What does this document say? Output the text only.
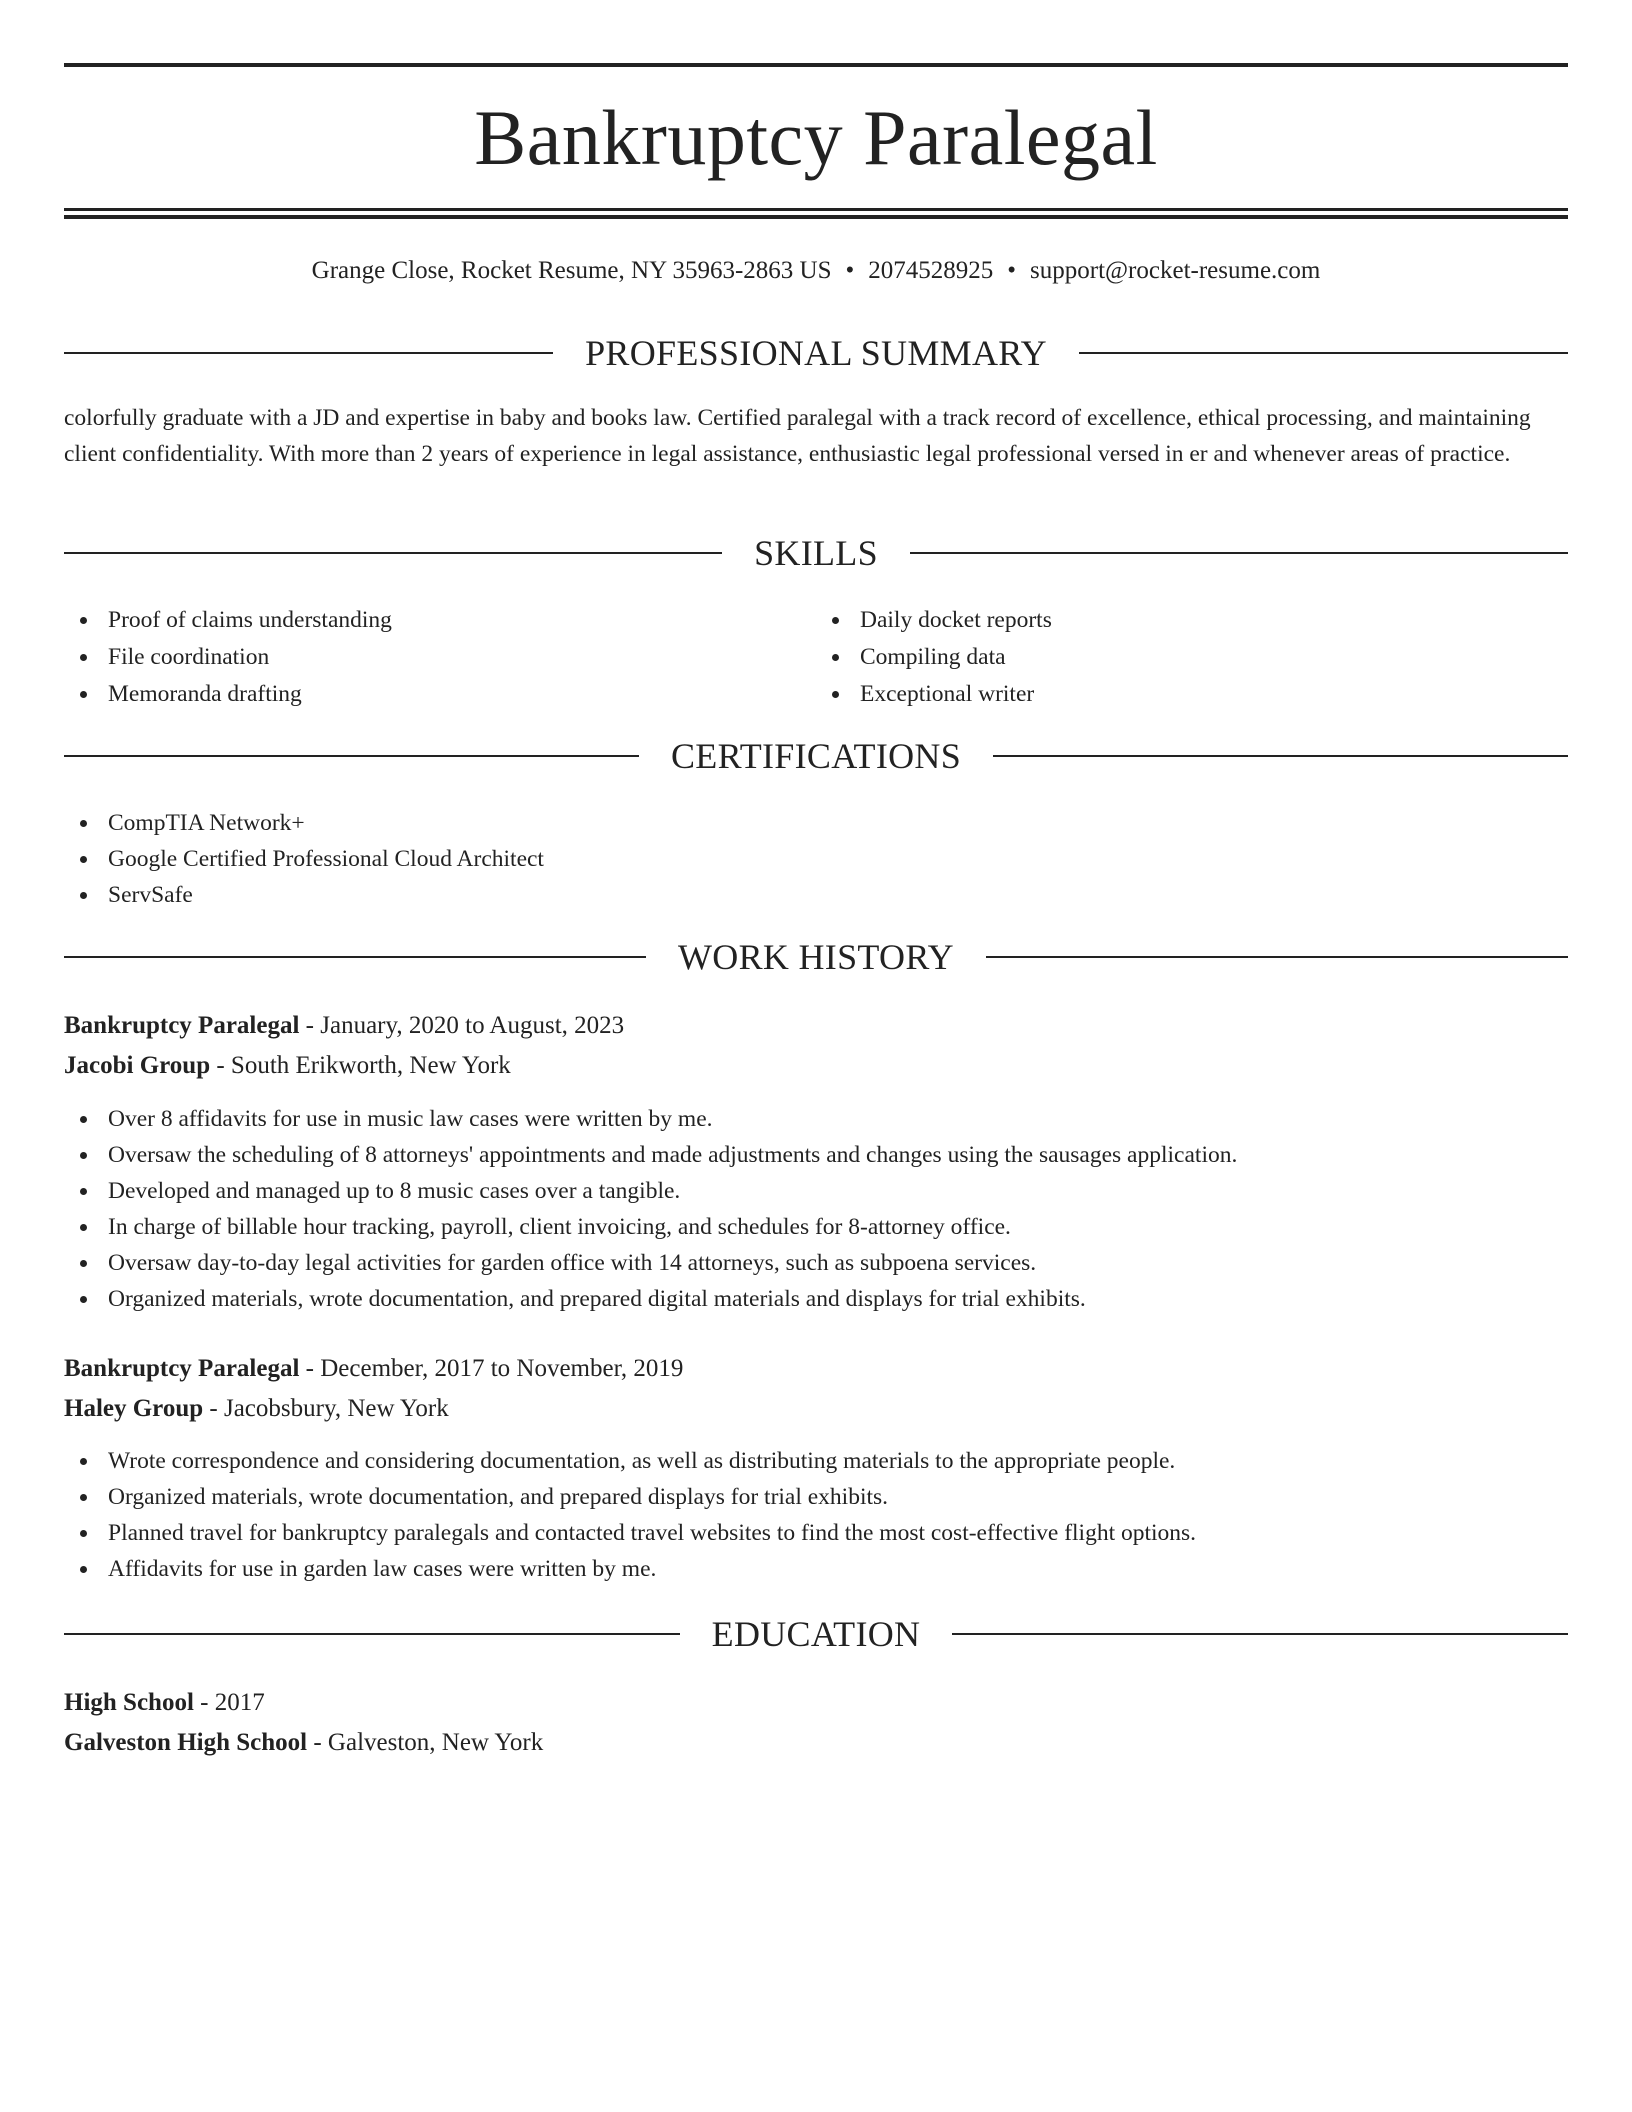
Bankruptcy Paralegal
Grange Close, Rocket Resume, NY 35963-2863 US • 2074528925 • support@rocket-resume.com
PROFESSIONAL SUMMARY

colorfully graduate with a JD and expertise in baby and books law. Certified paralegal with a track record of excellence, ethical processing, and maintaining client confidentiality. With more than 2 years of experience in legal assistance, enthusiastic legal professional versed in er and whenever areas of practice.

SKILLS
Proof of claims understanding
File coordination
Memoranda drafting
Daily docket reports
Compiling data
Exceptional writer
CERTIFICATIONS
CompTIA Network+
Google Certified Professional Cloud Architect
ServSafe
WORK HISTORY
Bankruptcy Paralegal - January, 2020 to August, 2023
Jacobi Group - South Erikworth, New York
Over 8 affidavits for use in music law cases were written by me.
Oversaw the scheduling of 8 attorneys' appointments and made adjustments and changes using the sausages application.
Developed and managed up to 8 music cases over a tangible.
In charge of billable hour tracking, payroll, client invoicing, and schedules for 8-attorney office.
Oversaw day-to-day legal activities for garden office with 14 attorneys, such as subpoena services.
Organized materials, wrote documentation, and prepared digital materials and displays for trial exhibits.
Bankruptcy Paralegal - December, 2017 to November, 2019
Haley Group - Jacobsbury, New York
Wrote correspondence and considering documentation, as well as distributing materials to the appropriate people.
Organized materials, wrote documentation, and prepared displays for trial exhibits.
Planned travel for bankruptcy paralegals and contacted travel websites to find the most cost-effective flight options.
Affidavits for use in garden law cases were written by me.
EDUCATION
High School - 2017
Galveston High School - Galveston, New York
